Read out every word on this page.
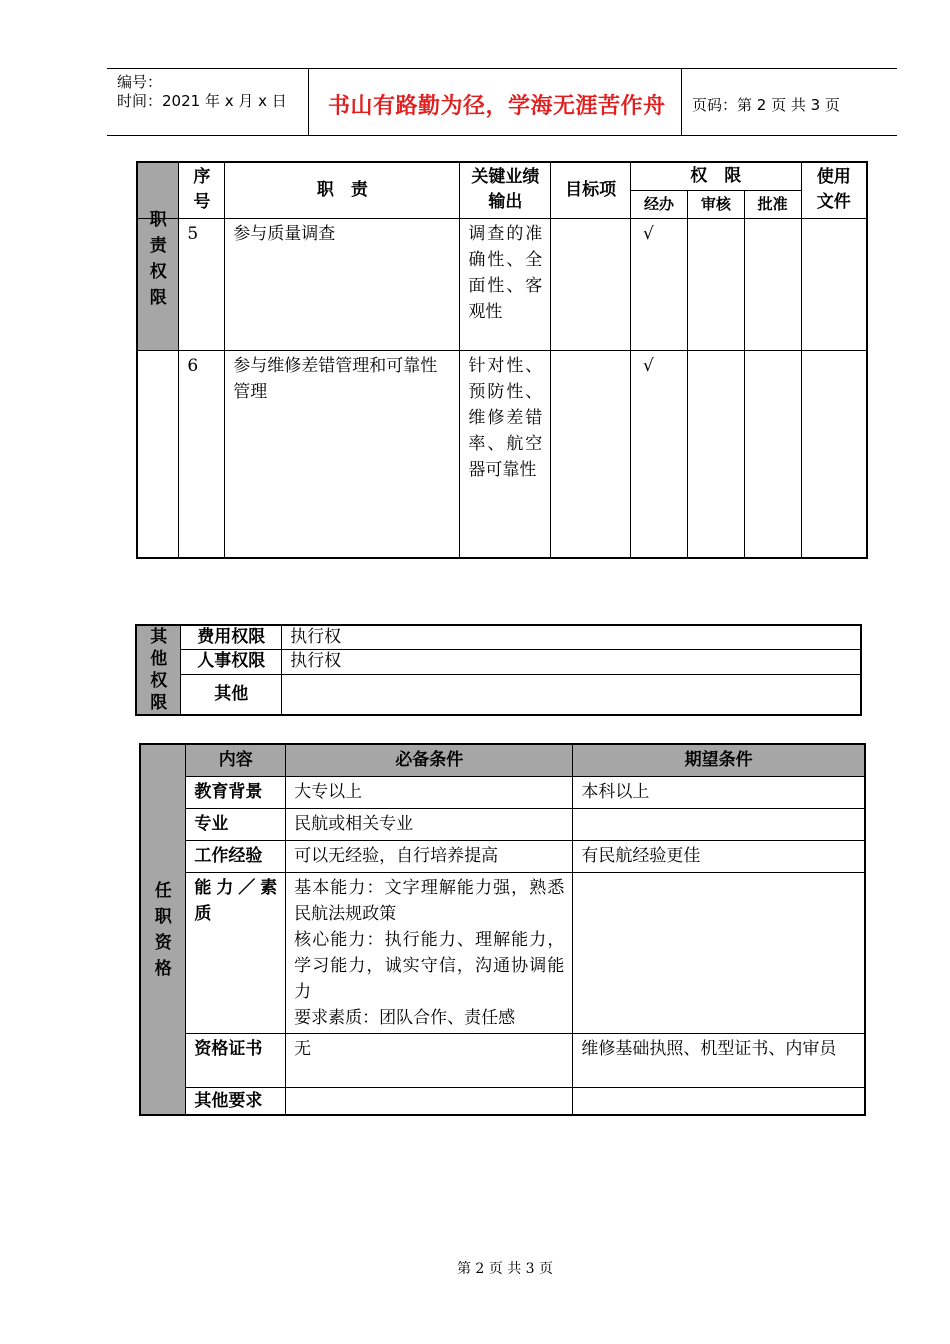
编号：
时间：2021 年 x 月 x 日 书山有路勤为径，学海无涯苦作舟 页码：第 2 页 共 3 页
	序号	职　责	关键业绩输出	目标项	权　限			使用文件
					经办	审核	批准	

职责权限	5	参与质量调查	调查的准确性、全面性、客观性		√			
	6	参与维修差错管理和可靠性管理	针对性、预防性、维修差错率、航空器可靠性		√			
其他权限	费用权限	执行权
	人事权限	执行权
	其他	
任职资格	内容	必备条件	期望条件
	教育背景	大专以上	本科以上
	专业	民航或相关专业	
	工作经验	可以无经验，自行培养提高	有民航经验更佳

	能力／素质	基本能力：文字理解能力强，熟悉民航法规政策
核心能力：执行能力、理解能力，学习能力，诚实守信，沟通协调能力
要求素质：团队合作、责任感	

	资格证书	无	维修基础执照、机型证书、内审员

	其他要求		
第 2 页 共 3 页
